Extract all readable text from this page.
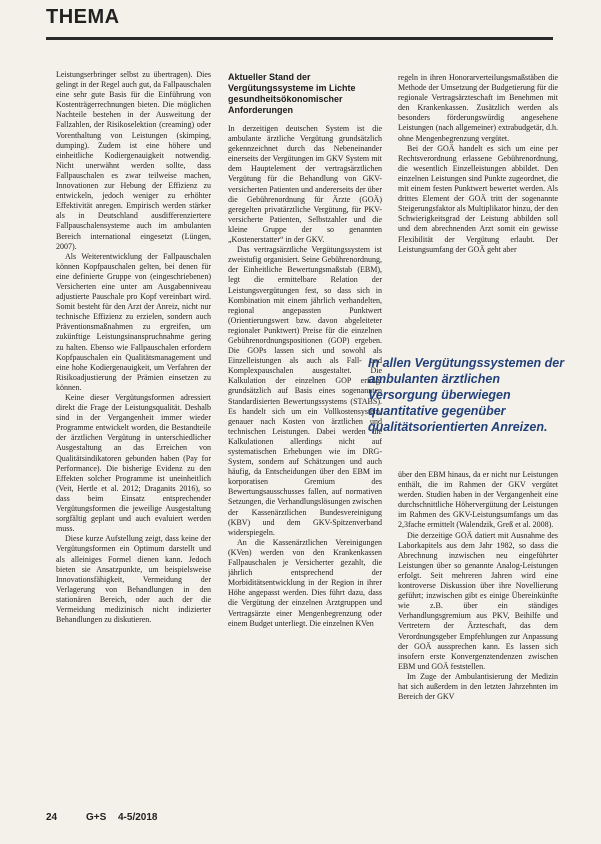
THEMA

Leistungserbringer selbst zu übertragen). Dies gelingt in der Regel auch gut, da Fallpauschalen eine sehr gute Basis für die Einführung von Kostenträgerrechnungen bieten. Die möglichen Nachteile bestehen in der Ausweitung der Fallzahlen, der Risikoselektion (creaming) oder Vorenthaltung von Leistungen (skimping, dumping). Zudem ist eine höhere und einheitliche Kodiergenauigkeit notwendig. Nicht unerwähnt werden sollte, dass Fallpauschalen es zwar teilweise machen, Innovationen zur Hebung der Effizienz zu entwickeln, jedoch weniger zu erhöhter Effektivität anregen. Empirisch werden stärker als in Deutschland ausdifferenziertere Fallpauschalensysteme auch im ambulanten Bereich international eingesetzt (Lüngen, 2007).

Als Weiterentwicklung der Fallpauschalen können Kopfpauschalen gelten, bei denen für eine definierte Gruppe von (eingeschriebenen) Versicherten eine unter am Ausgabenniveau adjustierte Pauschale pro Kopf vereinbart wird. Somit besteht für den Arzt der Anreiz, nicht nur technische Effizienz zu erzielen, sondern auch Präventionsmaßnahmen zu ergreifen, um zukünftige Leistungsinanspruchnahme gering zu halten. Ebenso wie Fallpauschalen erfordern Kopfpauschalen ein Qualitätsmanagement und eine hohe Kodiergenauigkeit, um Verfahren der Risikoadjustierung der Prämien einsetzen zu können.

Keine dieser Vergütungsformen adressiert direkt die Frage der Leistungsqualität. Deshalb sind in der Vergangenheit immer wieder Programme entwickelt worden, die Bestandteile der ärztlichen Vergütung in unterschiedlicher Ausgestaltung an das Erreichen von Qualitätsindikatoren gebunden haben (Pay for Performance). Die bisherige Evidenz zu den Effekten solcher Programme ist uneinheitlich (Veit, Hertle et al. 2012; Draganits 2016), so dass beim Einsatz entsprechender Vergütungsformen die jeweilige Ausgestaltung sorgfältig geplant und auch evaluiert werden muss.

Diese kurze Aufstellung zeigt, dass keine der Vergütungsformen ein Optimum darstellt und als alleiniges Formel dienen kann. Jedoch bieten sie Ansatzpunkte, um beispielsweise Innovationsfähigkeit, Vermeidung der Verlagerung von Behandlungen in den stationären Bereich, oder auch der die Vermeidung medizinisch nicht indizierter Behandlungen zu diskutieren.

Aktueller Stand der Vergütungssysteme im Lichte gesundheitsökonomischer Anforderungen

In derzeitigen deutschen System ist die ambulante ärztliche Vergütung grundsätzlich gekennzeichnet durch das Nebeneinander einerseits der Vergütungen im GKV System mit dem Hauptelement der vertragsärztlichen Vergütung für die Behandlung von GKV-versicherten Patienten und andererseits der über die Gebührenordnung für Ärzte (GOÄ) geregelten privatärztliche Vergütung, für PKV-versicherte Patienten, Selbstzahler und die kleine Gruppe der so genannten „Kostenerstatter“ in der GKV.

Das vertragsärztliche Vergütungssystem ist zweistufig organisiert. Seine Gebührenordnung, der Einheitliche Bewertungsmaßstab (EBM), legt die ermittelbare Relation der Leistungsvergütungen fest, so dass sich in Kombination mit einem jährlich verhandelten, regional angepassten Punktwert (Orientierungswert bzw. davon abgeleiteter regionaler Punktwert) Preise für die einzelnen Gebührenordnungspositionen (GOP) ergeben. Die GOPs lassen sich und sowohl als Einzelleistungen als auch als Fall- und Komplexpauschalen ausgestaltet. Die Kalkulation der einzelnen GOP erfolgt grundsätzlich auf Basis eines sogenannten Standardisierten Bewertungssystems (STABS). Es handelt sich um ein Vollkostensystem, genauer nach Kosten von ärztlichen und technischen Leistungen. Dabei werden die Kalkulationen allerdings nicht auf systematischen Erhebungen wie im DRG-System, sondern auf Schätzungen und auch häufig, da Entscheidungen über den EBM im korporatisen Gremium des Bewertungsausschusses fallen, auf normativen Setzungen, die Verhandlungslösungen zwischen der Kassenärztlichen Bundesvereinigung (KBV) und dem GKV-Spitzenverband widerspiegeln.

An die Kassenärztlichen Vereinigungen (KVen) werden von den Krankenkassen Fallpauschalen je Versicherter gezahlt, die jährlich entsprechend der Morbiditätsentwicklung in der Region in ihrer Höhe angepasst werden. Dies führt dazu, dass die Vergütung der einzelnen Arztgruppen und Vertragsärzte einer Mengenbegrenzung oder einem Budget unterliegt. Die einzelnen KVen

regeln in ihren Honorarverteilungsmaßstäben die Methode der Umsetzung der Budgetierung für die regionale Vertragsärzteschaft im Benehmen mit den Krankenkassen. Zusätzlich werden als besonders förderungswürdig angesehene Leistungen (nach allgemeiner) extrabudgetär, d.h. ohne Mengenbegrenzung vergütet.

Bei der GOÄ handelt es sich um eine per Rechtsverordnung erlassene Gebührenordnung, die wesentlich Einzelleistungen abbildet. Den einzelnen Leistungen sind Punkte zugeordnet, die mit einem festen Punktwert bewertet werden. Als drittes Element der GOÄ tritt der sogenannte Steigerungsfaktor als Multiplikator hinzu, der den Schwierigkeitsgrad der Leistung abbilden soll und dem abrechnenden Arzt somit ein gewisse Flexibilität der Vergütung erlaubt. Der Leistungsumfang der GOÄ geht aber

In allen Vergütungssystemen der ambulanten ärztlichen Versorgung überwiegen quantitative gegenüber qualitätsorientierten Anreizen.

über den EBM hinaus, da er nicht nur Leistungen enthält, die im Rahmen der GKV vergütet werden. Studien haben in der Vergangenheit eine durchschnittliche Höhervergütung der Leistungen im Rahmen des GKV-Leistungsumfangs um das 2,3fache ermittelt (Walendzik, Greß et al. 2008).

Die derzeitige GOÄ datiert mit Ausnahme des Laborkapitels aus dem Jahr 1982, so dass die Abrechnung inzwischen neu eingeführter Leistungen über so genannte Analog-Leistungen erfolgt. Seit mehreren Jahren wird eine kontroverse Diskussion über ihre Novellierung geführt; inzwischen gibt es einige Übereinkünfte wie z.B. über ein ständiges Verhandlungsgremium aus PKV, Beihilfe und Vertretern der Ärzteschaft, das dem Verordnungsgeber Empfehlungen zur Anpassung der GOÄ aussprechen kann. Es lassen sich insofern erste Konvergenztendenzen zwischen EBM und GOÄ feststellen.

Im Zuge der Ambulantisierung der Medizin hat sich außerdem in den letzten Jahrzehnten im Bereich der GKV

24	G+S 4-5/2018
